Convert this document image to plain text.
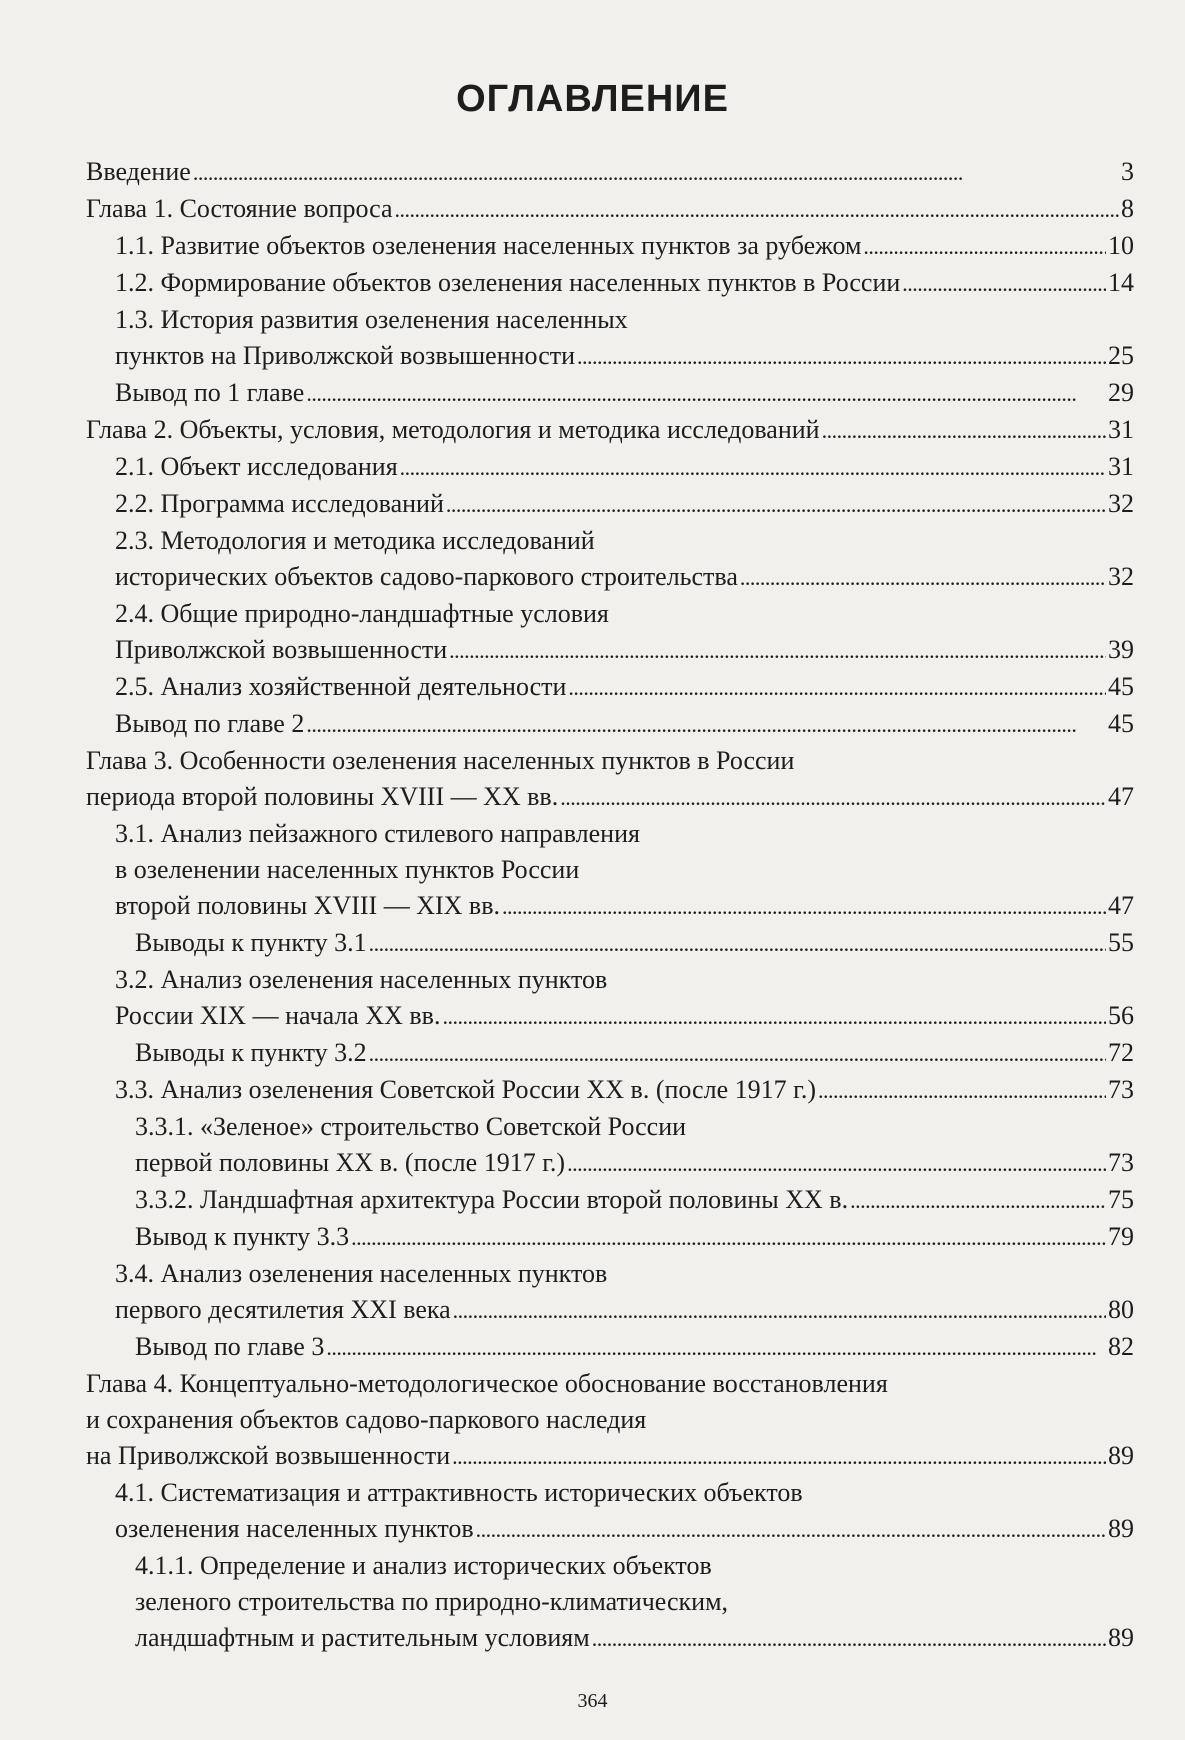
ОГЛАВЛЕНИЕ
Введение . . .	3
Глава 1. Состояние вопроса . . .	8
1.1. Развитие объектов озеленения населенных пунктов за рубежом . . .	10
1.2. Формирование объектов озеленения населенных пунктов в России . . .	14
1.3. История развития озеленения населенных
пунктов на Приволжской возвышенности . . .	25
Вывод по 1 главе . . .	29
Глава 2. Объекты, условия, методология и методика исследований . . .	31
2.1. Объект исследования . . .	31
2.2. Программа исследований . . .	32
2.3. Методология и методика исследований
исторических объектов садово-паркового строительства . . .	32
2.4. Общие природно-ландшафтные условия
Приволжской возвышенности . . .	39
2.5. Анализ хозяйственной деятельности . . .	45
Вывод по главе 2 . . .	45
Глава 3. Особенности озеленения населенных пунктов в России
периода второй половины XVIII — XX вв. . . .	47
3.1. Анализ пейзажного стилевого направления
в озеленении населенных пунктов России
второй половины XVIII — XIX вв. . . .	47
Выводы к пункту 3.1 . . .	55
3.2. Анализ озеленения населенных пунктов
России XIX — начала XX вв. . . .	56
Выводы к пункту 3.2 . . .	72
3.3. Анализ озеленения Советской России XX в. (после 1917 г.) . . .	73
3.3.1. «Зеленое» строительство Советской России
первой половины XX в. (после 1917 г.) . . .	73
3.3.2. Ландшафтная архитектура России второй половины XX в. . . .	75
Вывод к пункту 3.3 . . .	79
3.4. Анализ озеленения населенных пунктов
первого десятилетия XXI века . . .	80
Вывод по главе 3 . . .	82
Глава 4. Концептуально-методологическое обоснование восстановления
и сохранения объектов садово-паркового наследия
на Приволжской возвышенности . . .	89
4.1. Систематизация и аттрактивность исторических объектов
озеленения населенных пунктов . . .	89
4.1.1. Определение и анализ исторических объектов
зеленого строительства по природно-климатическим,
ландшафтным и растительным условиям . . .	89
364
